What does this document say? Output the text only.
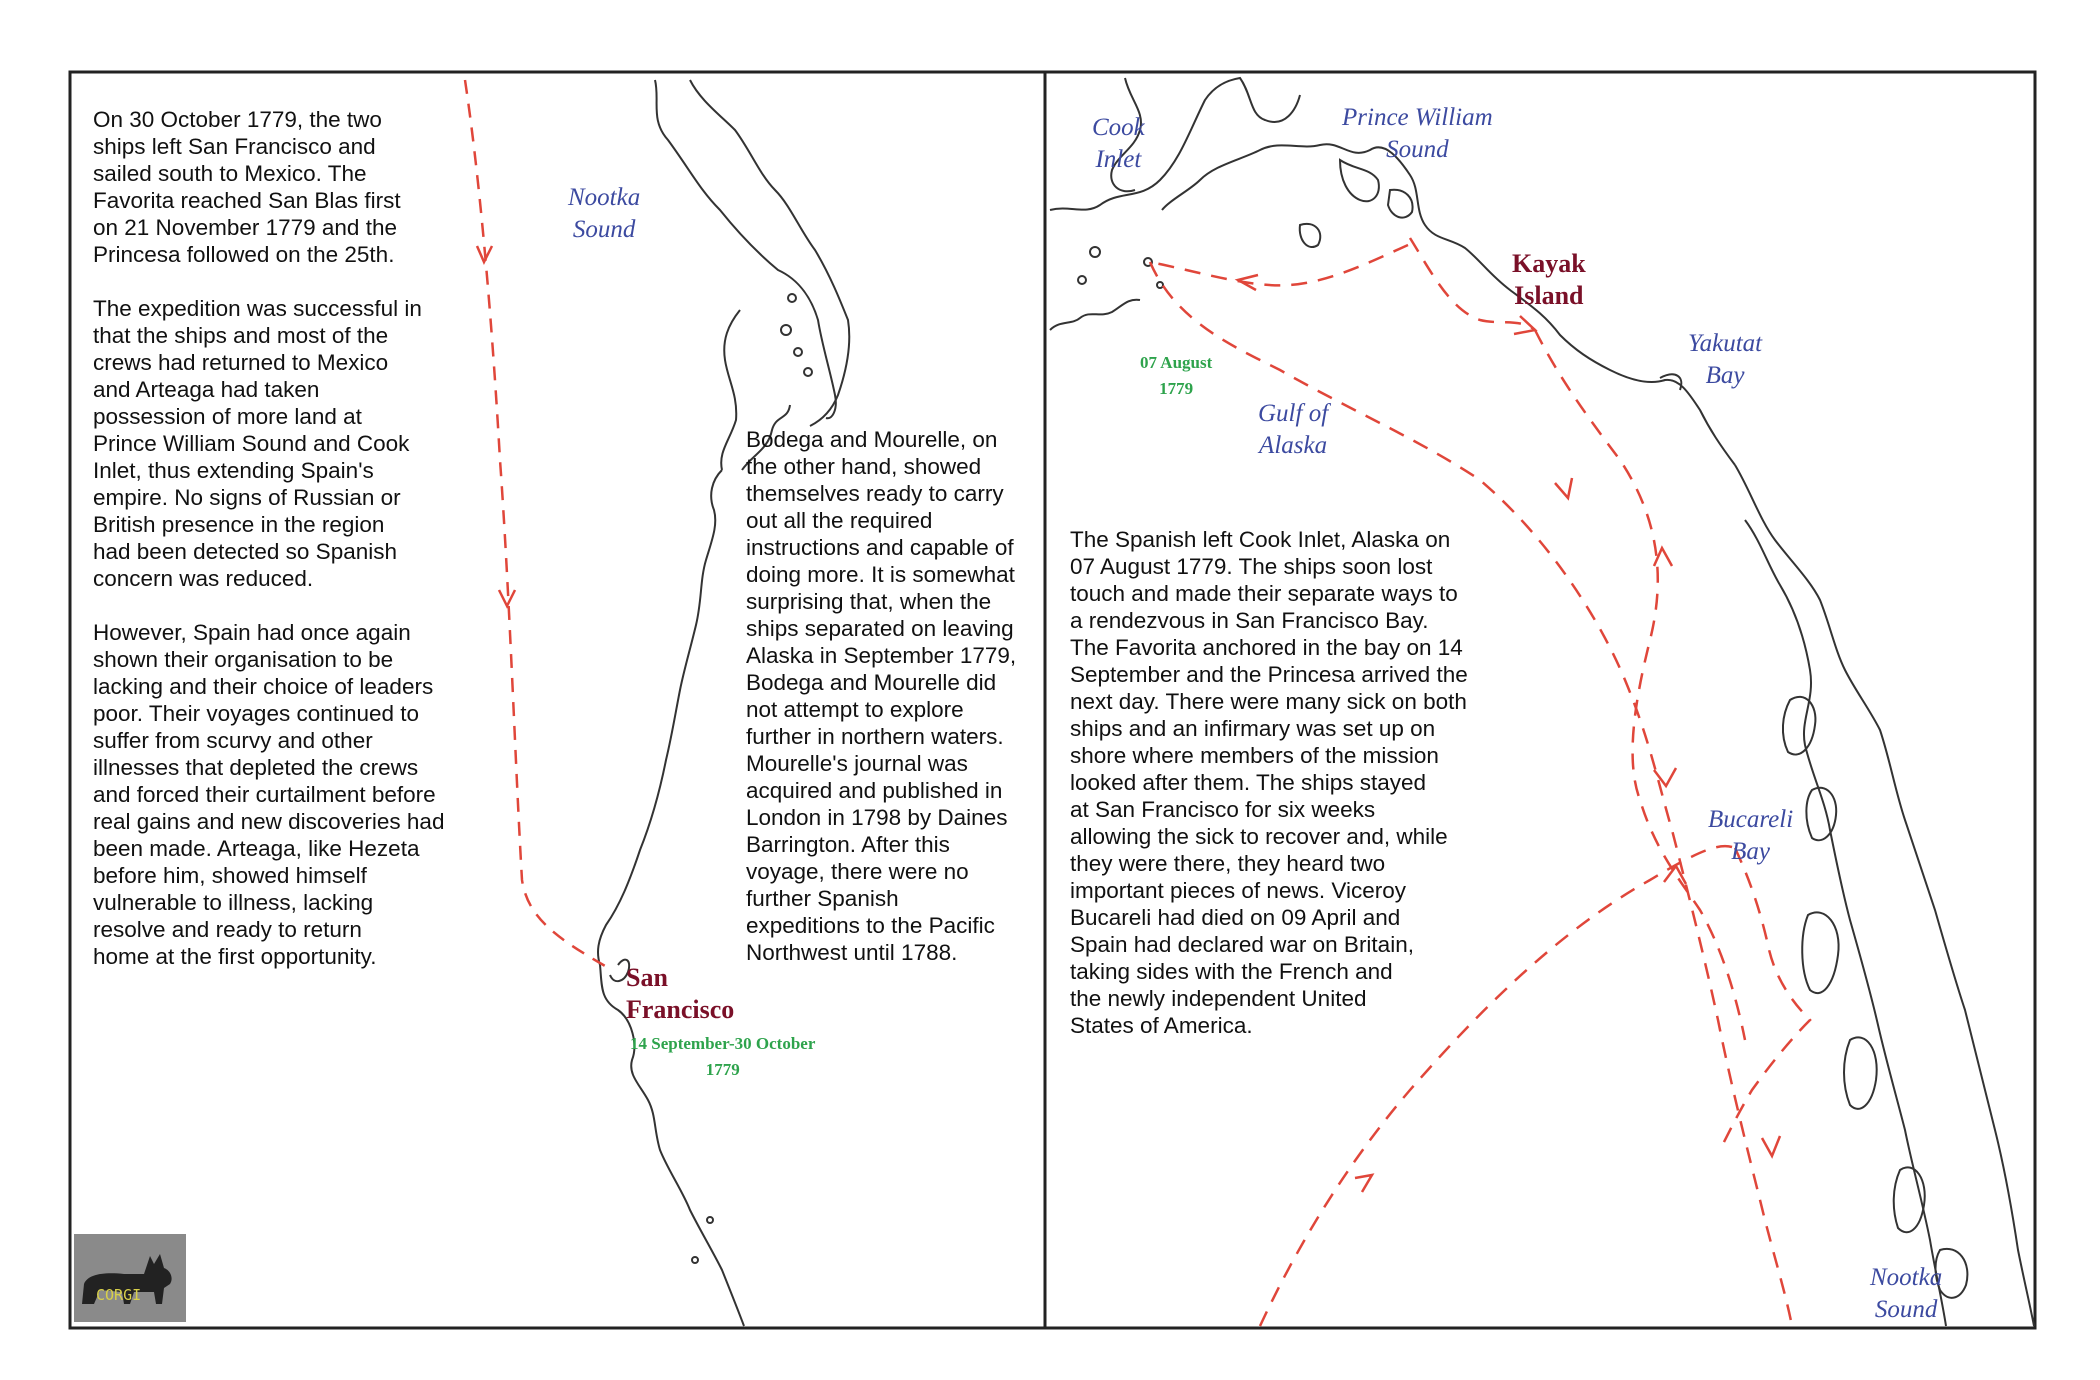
On 30 October 1779, the two
ships left San Francisco and
sailed south to Mexico. The
Favorita reached San Blas first
on 21 November 1779 and the
Princesa followed on the 25th.
The expedition was successful in
that the ships and most of the
crews had returned to Mexico
and Arteaga had taken
possession of more land at
Prince William Sound and Cook
Inlet, thus extending Spain's
empire. No signs of Russian or
British presence in the region
had been detected so Spanish
concern was reduced.
However, Spain had once again
shown their organisation to be
lacking and their choice of leaders
poor. Their voyages continued to
suffer from scurvy and other
illnesses that depleted the crews
and forced their curtailment before
real gains and new discoveries had
been made. Arteaga, like Hezeta
before him, showed himself
vulnerable to illness, lacking
resolve and ready to return
home at the first opportunity.
Bodega and Mourelle, on
the other hand, showed
themselves ready to carry
out all the required
instructions and capable of
doing more. It is somewhat
surprising that, when the
ships separated on leaving
Alaska in September 1779,
Bodega and Mourelle did
not attempt to explore
further in northern waters.
Mourelle's journal was
acquired and published in
London in 1798 by Daines
Barrington. After this
voyage, there were no
further Spanish
expeditions to the Pacific
Northwest until 1788.
Nootka
Sound
San
Francisco
14 September-30 October
1779
The Spanish left Cook Inlet, Alaska on
07 August 1779. The ships soon lost
touch and made their separate ways to
a rendezvous in San Francisco Bay.
The Favorita anchored in the bay on 14
September and the Princesa arrived the
next day. There were many sick on both
ships and an infirmary was set up on
shore where members of the mission
looked after them. The ships stayed
at San Francisco for six weeks
allowing the sick to recover and, while
they were there, they heard two
important pieces of news. Viceroy
Bucareli had died on 09 April and
Spain had declared war on Britain,
taking sides with the French and
the newly independent United
States of America.
Cook
Inlet
Prince William
Sound
Kayak
Island
Yakutat
Bay
Gulf of
Alaska
07 August
1779
Bucareli
Bay
Nootka
Sound
CORGI
